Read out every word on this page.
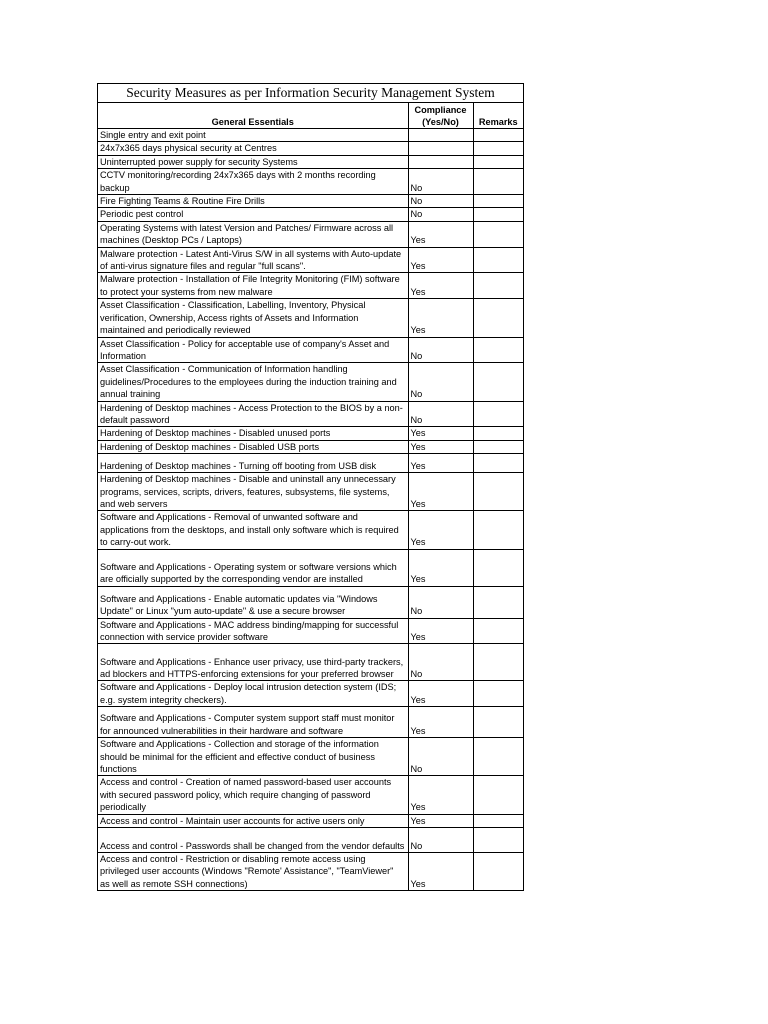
Security Measures as per Information Security Management System
General Essentials	Compliance (Yes/No)	Remarks
Single entry and exit point		
24x7x365 days physical security at Centres		
Uninterrupted power supply for security Systems		
CCTV monitoring/recording 24x7x365 days with 2 months recording backup	No	
Fire Fighting Teams & Routine Fire Drills	No	
Periodic pest control	No	
Operating Systems with latest Version and Patches/ Firmware across all machines (Desktop PCs / Laptops)	Yes	
Malware protection - Latest Anti-Virus S/W in all systems with Auto-update of anti-virus signature files and regular "full scans".	Yes	
Malware protection - Installation of File Integrity Monitoring (FIM) software to protect your systems from new malware	Yes	
Asset Classification - Classification, Labelling, Inventory, Physical verification, Ownership, Access rights of Assets and Information maintained and periodically reviewed	Yes	
Asset Classification - Policy for acceptable use of company's Asset and Information	No	
Asset Classification - Communication of Information handling guidelines/Procedures to the employees during the induction training and annual training	No	
Hardening of Desktop machines - Access Protection to the BIOS by a non-default password	No	
Hardening of Desktop machines - Disabled unused ports	Yes	
Hardening of Desktop machines - Disabled USB ports	Yes	
Hardening of Desktop machines - Turning off booting from USB disk	Yes	
Hardening of Desktop machines - Disable and uninstall any unnecessary programs, services, scripts, drivers, features, subsystems, file systems, and web servers	Yes	
Software and Applications - Removal of unwanted software and applications from the desktops, and install only software which is required to carry-out work.	Yes	
Software and Applications - Operating system or software versions which are officially supported by the corresponding vendor are installed	Yes	
Software and Applications - Enable automatic updates via "Windows Update" or Linux "yum auto-update" & use a secure browser	No	
Software and Applications - MAC address binding/mapping for successful connection with service provider software	Yes	
Software and Applications - Enhance user privacy, use third-party trackers, ad blockers and HTTPS-enforcing extensions for your preferred browser	No	
Software and Applications - Deploy local intrusion detection system (IDS; e.g. system integrity checkers).	Yes	
Software and Applications - Computer system support staff must monitor for announced vulnerabilities in their hardware and software	Yes	
Software and Applications - Collection and storage of the information should be minimal for the efficient and effective conduct of business functions	No	
Access and control - Creation of named password-based user accounts with secured password policy, which require changing of password periodically	Yes	
Access and control - Maintain user accounts for active users only	Yes	
Access and control - Passwords shall be changed from the vendor defaults	No	
Access and control - Restriction or disabling remote access using privileged user accounts (Windows "Remote' Assistance", "TeamViewer" as well as remote SSH connections)	Yes	
